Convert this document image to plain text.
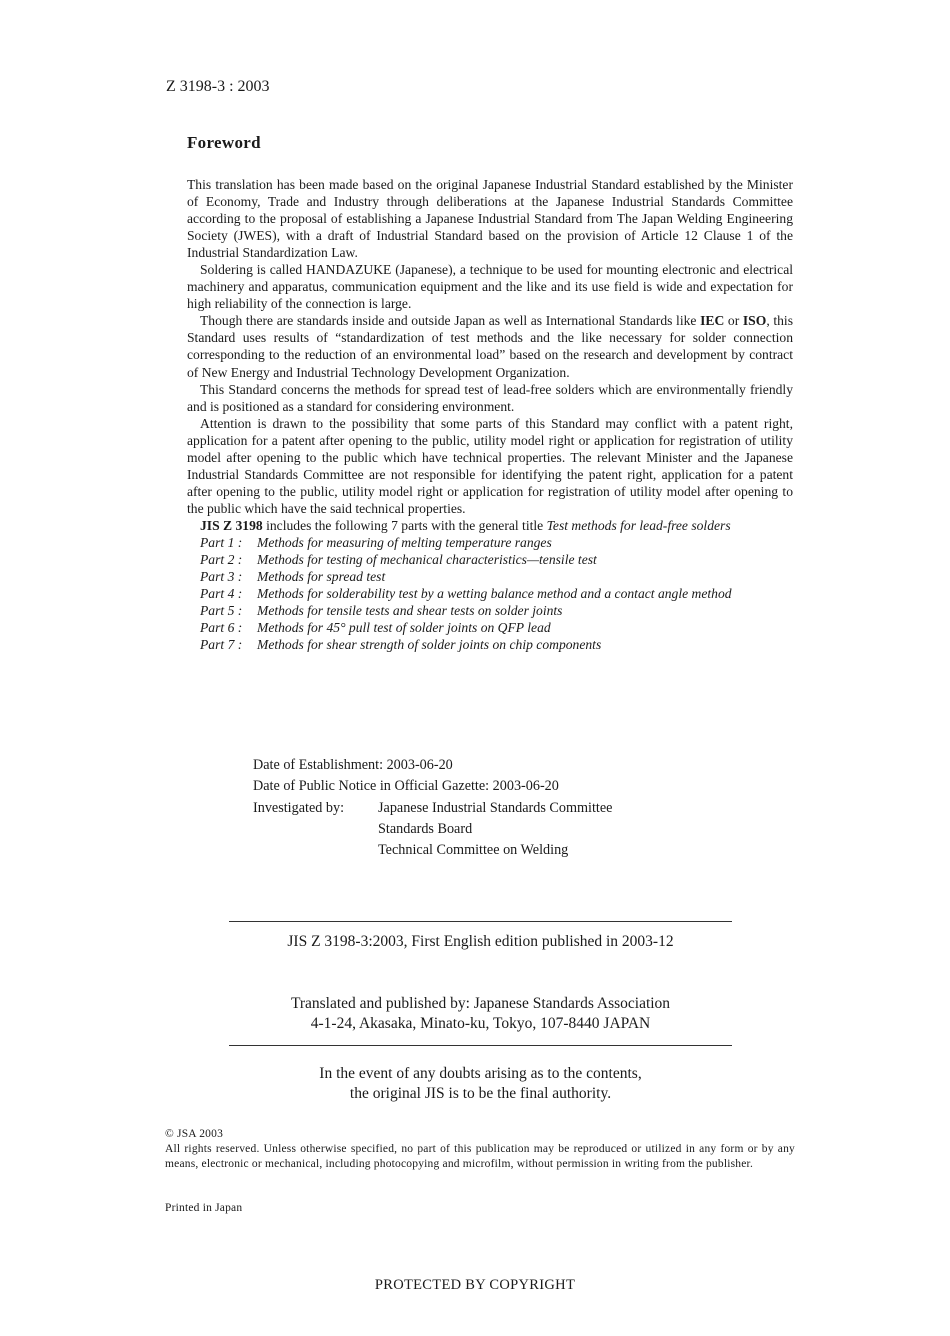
Z 3198-3 : 2003
Foreword

This translation has been made based on the original Japanese Industrial Standard established by the Minister of Economy, Trade and Industry through deliberations at the Japanese Industrial Standards Committee according to the proposal of establishing a Japanese Industrial Standard from The Japan Welding Engineering Society (JWES), with a draft of Industrial Standard based on the provision of Article 12 Clause 1 of the Industrial Standardization Law.

Soldering is called HANDAZUKE (Japanese), a technique to be used for mounting electronic and electrical machinery and apparatus, communication equipment and the like and its use field is wide and expectation for high reliability of the connection is large.

Though there are standards inside and outside Japan as well as International Standards like IEC or ISO, this Standard uses results of “standardization of test methods and the like necessary for solder connection corresponding to the reduction of an environmental load” based on the research and development by contract of New Energy and Industrial Technology Development Organization.

This Standard concerns the methods for spread test of lead-free solders which are environmentally friendly and is positioned as a standard for considering environment.

Attention is drawn to the possibility that some parts of this Standard may conflict with a patent right, application for a patent after opening to the public, utility model right or application for registration of utility model after opening to the public which have technical properties. The relevant Minister and the Japanese Industrial Standards Committee are not responsible for identifying the patent right, application for a patent after opening to the public, utility model right or application for registration of utility model after opening to the public which have the said technical properties.

JIS Z 3198 includes the following 7 parts with the general title Test methods for lead-free solders

Part 1 :	Methods for measuring of melting temperature ranges
Part 2 :	Methods for testing of mechanical characteristics—tensile test
Part 3 :	Methods for spread test
Part 4 :	Methods for solderability test by a wetting balance method and a contact angle method
Part 5 :	Methods for tensile tests and shear tests on solder joints
Part 6 :	Methods for 45° pull test of solder joints on QFP lead
Part 7 :	Methods for shear strength of solder joints on chip components
Date of Establishment: 2003-06-20
Date of Public Notice in Official Gazette: 2003-06-20
Investigated by:	Japanese Industrial Standards Committee
Standards Board
Technical Committee on Welding
JIS Z 3198-3:2003, First English edition published in 2003-12
Translated and published by: Japanese Standards Association
4-1-24, Akasaka, Minato-ku, Tokyo, 107-8440 JAPAN
In the event of any doubts arising as to the contents,
the original JIS is to be the final authority.
© JSA 2003
All rights reserved. Unless otherwise specified, no part of this publication may be reproduced or utilized in any form or by any means, electronic or mechanical, including photocopying and microfilm, without permission in writing from the publisher.
Printed in Japan
PROTECTED BY COPYRIGHT
